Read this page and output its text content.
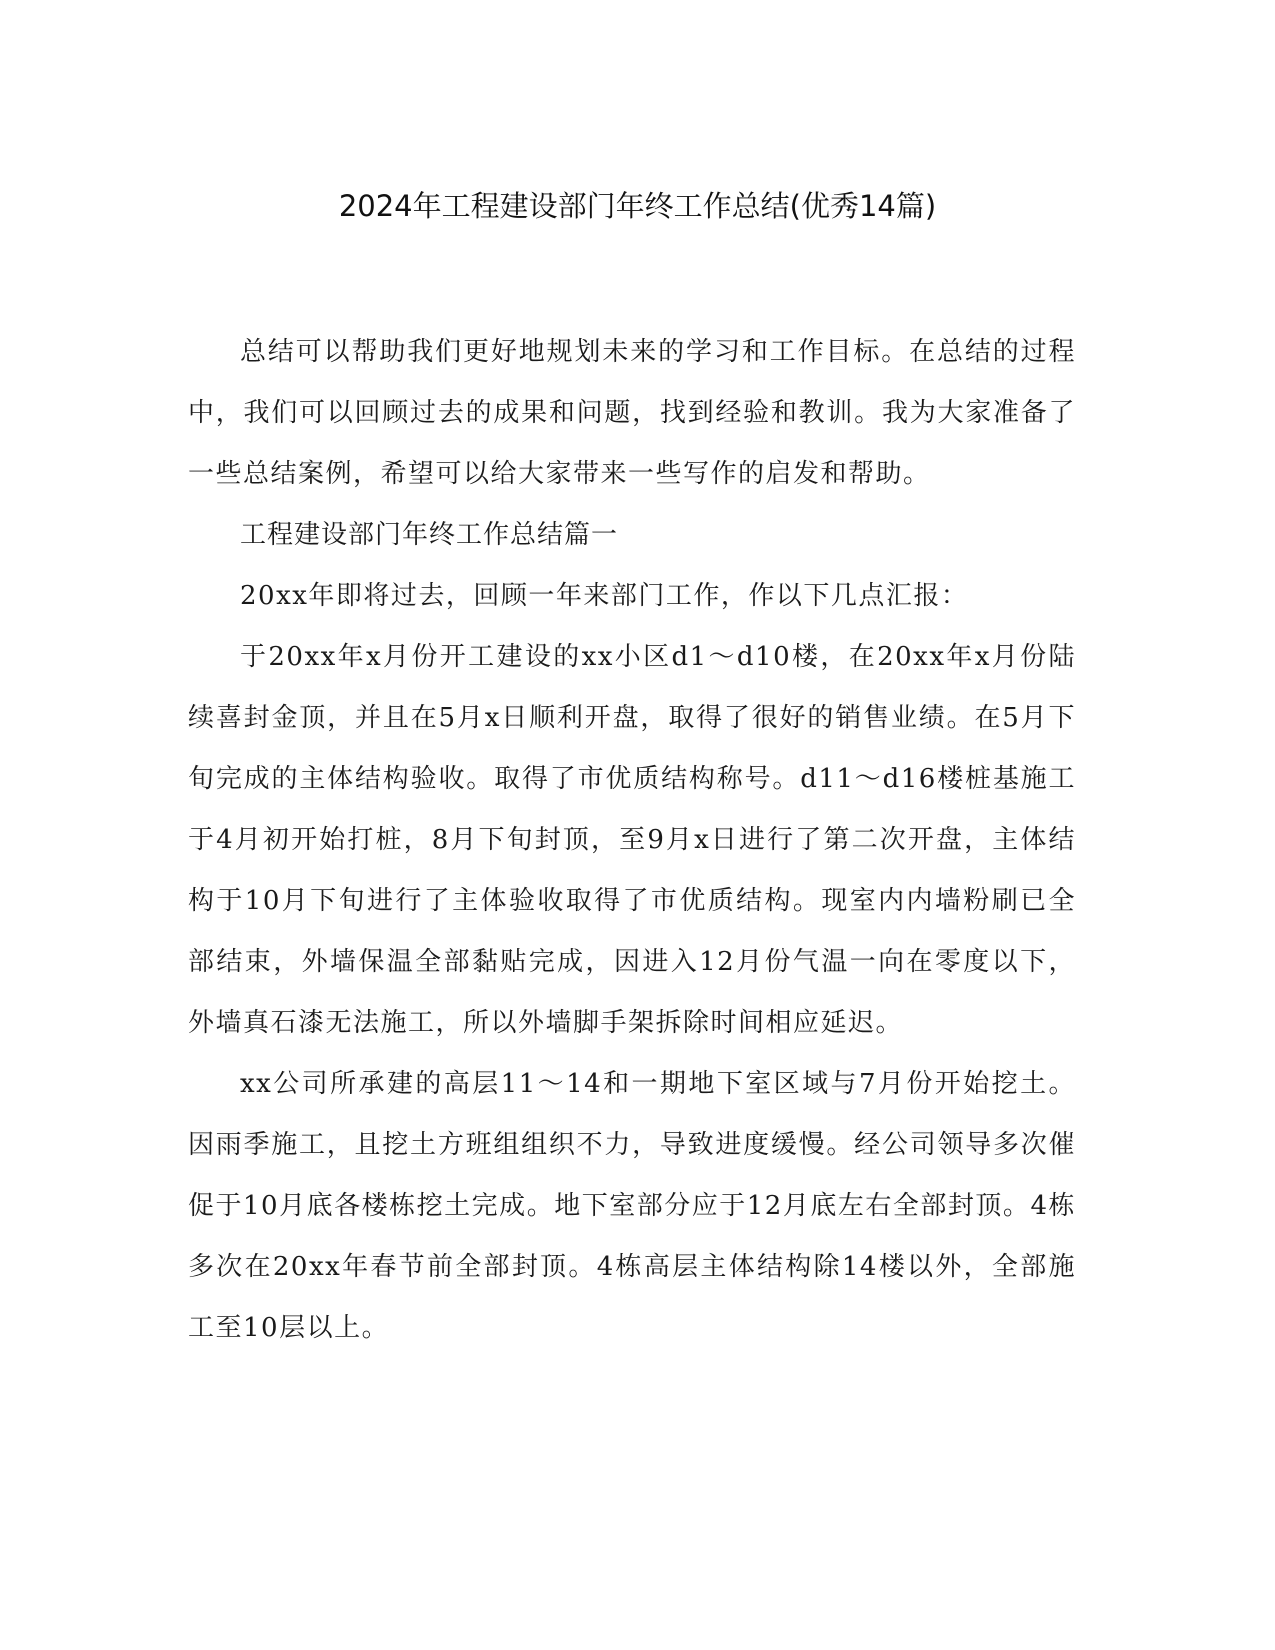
2024年工程建设部门年终工作总结(优秀14篇)

总结可以帮助我们更好地规划未来的学习和工作目标。在总结的过程中，我们可以回顾过去的成果和问题，找到经验和教训。我为大家准备了一些总结案例，希望可以给大家带来一些写作的启发和帮助。

工程建设部门年终工作总结篇一

20xx年即将过去，回顾一年来部门工作，作以下几点汇报：

于20xx年x月份开工建设的xx小区d1～d10楼，在20xx年x月份陆续喜封金顶，并且在5月x日顺利开盘，取得了很好的销售业绩。在5月下旬完成的主体结构验收。取得了市优质结构称号。d11～d16楼桩基施工于4月初开始打桩，8月下旬封顶，至9月x日进行了第二次开盘，主体结构于10月下旬进行了主体验收取得了市优质结构。现室内内墙粉刷已全部结束，外墙保温全部黏贴完成，因进入12月份气温一向在零度以下，外墙真石漆无法施工，所以外墙脚手架拆除时间相应延迟。

xx公司所承建的高层11～14和一期地下室区域与7月份开始挖土。因雨季施工，且挖土方班组组织不力，导致进度缓慢。经公司领导多次催促于10月底各楼栋挖土完成。地下室部分应于12月底左右全部封顶。4栋多次在20xx年春节前全部封顶。4栋高层主体结构除14楼以外，全部施工至10层以上。
